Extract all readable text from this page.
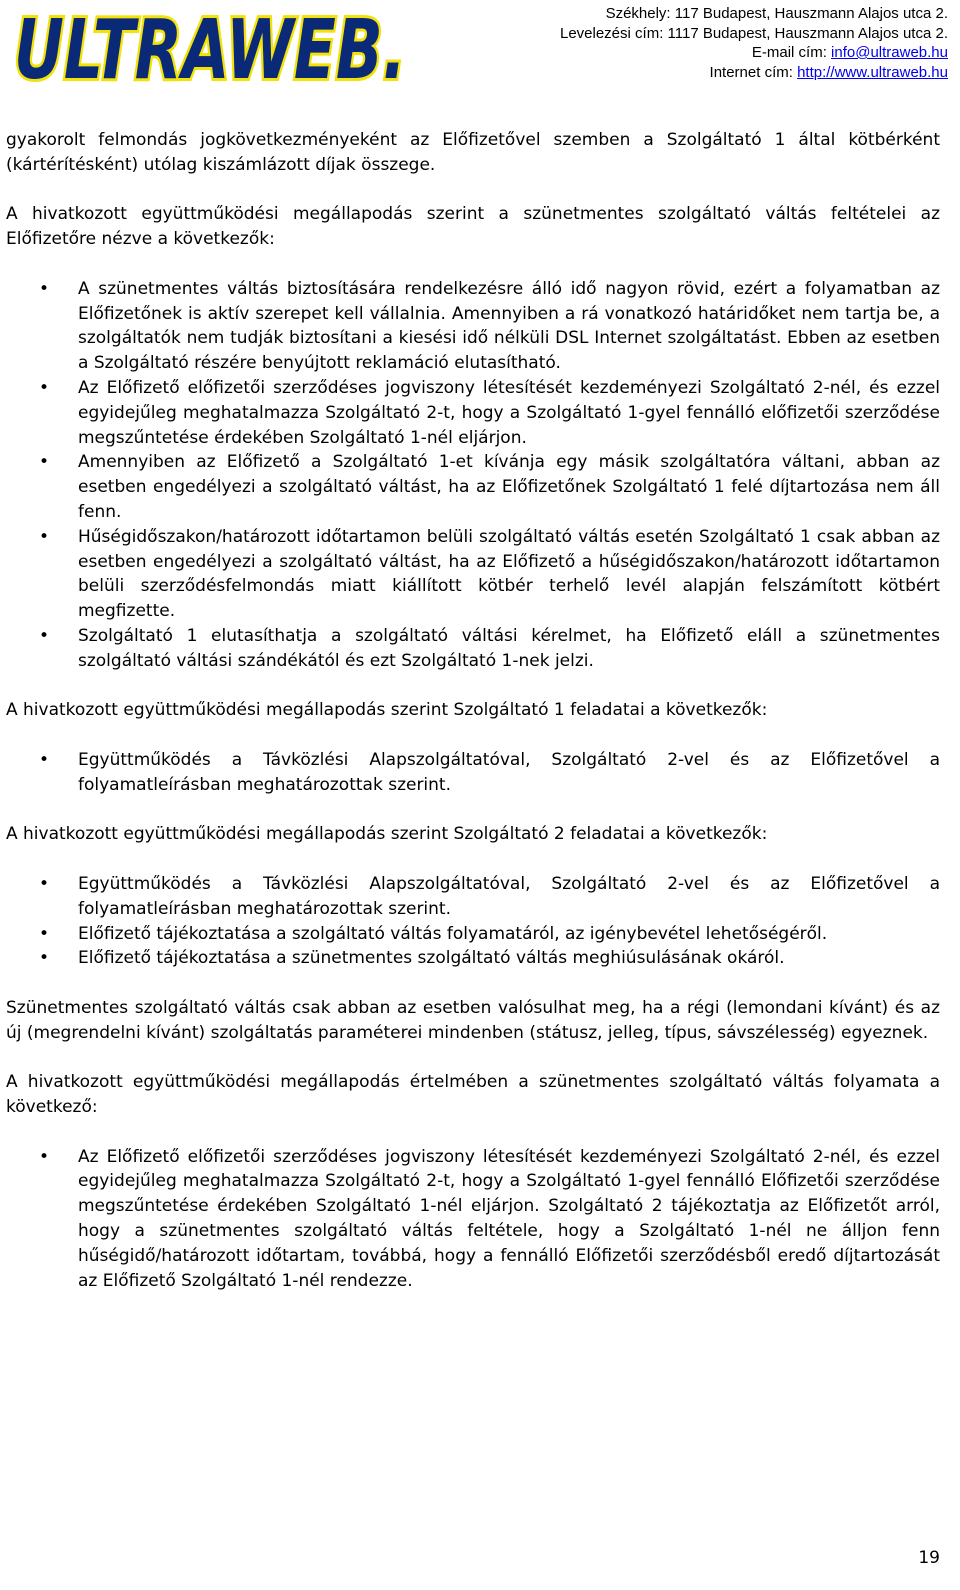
ULTRAWEB.
ULTRAWEB.	Székhely: 117 Budapest, Hauszmann Alajos utca 2.
Levelezési cím: 1117 Budapest, Hauszmann Alajos utca 2.
E-mail cím: info@ultraweb.hu
Internet cím: http://www.ultraweb.hu

gyakorolt felmondás jogkövetkezményeként az Előfizetővel szemben a Szolgáltató 1 által kötbérként (kártérítésként) utólag kiszámlázott díjak összege.

A hivatkozott együttműködési megállapodás szerint a szünetmentes szolgáltató váltás feltételei az Előfizetőre nézve a következők:

• A szünetmentes váltás biztosítására rendelkezésre álló idő nagyon rövid, ezért a folyamatban az Előfizetőnek is aktív szerepet kell vállalnia. Amennyiben a rá vonatkozó határidőket nem tartja be, a szolgáltatók nem tudják biztosítani a kiesési idő nélküli DSL Internet szolgáltatást. Ebben az esetben a Szolgáltató részére benyújtott reklamáció elutasítható.
• Az Előfizető előfizetői szerződéses jogviszony létesítését kezdeményezi Szolgáltató 2-nél, és ezzel egyidejűleg meghatalmazza Szolgáltató 2-t, hogy a Szolgáltató 1-gyel fennálló előfizetői szerződése megszűntetése érdekében Szolgáltató 1-nél eljárjon.
• Amennyiben az Előfizető a Szolgáltató 1-et kívánja egy másik szolgáltatóra váltani, abban az esetben engedélyezi a szolgáltató váltást, ha az Előfizetőnek Szolgáltató 1 felé díjtartozása nem áll fenn.
• Hűségidőszakon/határozott időtartamon belüli szolgáltató váltás esetén Szolgáltató 1 csak abban az esetben engedélyezi a szolgáltató váltást, ha az Előfizető a hűségidőszakon/határozott időtartamon belüli szerződésfelmondás miatt kiállított kötbér terhelő levél alapján felszámított kötbért megfizette.
• Szolgáltató 1 elutasíthatja a szolgáltató váltási kérelmet, ha Előfizető eláll a szünetmentes szolgáltató váltási szándékától és ezt Szolgáltató 1-nek jelzi.

A hivatkozott együttműködési megállapodás szerint Szolgáltató 1 feladatai a következők:

• Együttműködés a Távközlési Alapszolgáltatóval, Szolgáltató 2-vel és az Előfizetővel a folyamatleírásban meghatározottak szerint.

A hivatkozott együttműködési megállapodás szerint Szolgáltató 2 feladatai a következők:

• Együttműködés a Távközlési Alapszolgáltatóval, Szolgáltató 2-vel és az Előfizetővel a folyamatleírásban meghatározottak szerint.
• Előfizető tájékoztatása a szolgáltató váltás folyamatáról, az igénybevétel lehetőségéről.
• Előfizető tájékoztatása a szünetmentes szolgáltató váltás meghiúsulásának okáról.

Szünetmentes szolgáltató váltás csak abban az esetben valósulhat meg, ha a régi (lemondani kívánt) és az új (megrendelni kívánt) szolgáltatás paraméterei mindenben (státusz, jelleg, típus, sávszélesség) egyeznek.

A hivatkozott együttműködési megállapodás értelmében a szünetmentes szolgáltató váltás folyamata a következő:

• Az Előfizető előfizetői szerződéses jogviszony létesítését kezdeményezi Szolgáltató 2-nél, és ezzel egyidejűleg meghatalmazza Szolgáltató 2-t, hogy a Szolgáltató 1-gyel fennálló Előfizetői szerződése megszűntetése érdekében Szolgáltató 1-nél eljárjon. Szolgáltató 2 tájékoztatja az Előfizetőt arról, hogy a szünetmentes szolgáltató váltás feltétele, hogy a Szolgáltató 1-nél ne álljon fenn hűségidő/határozott időtartam, továbbá, hogy a fennálló Előfizetői szerződésből eredő díjtartozását az Előfizető Szolgáltató 1-nél rendezze.
19
